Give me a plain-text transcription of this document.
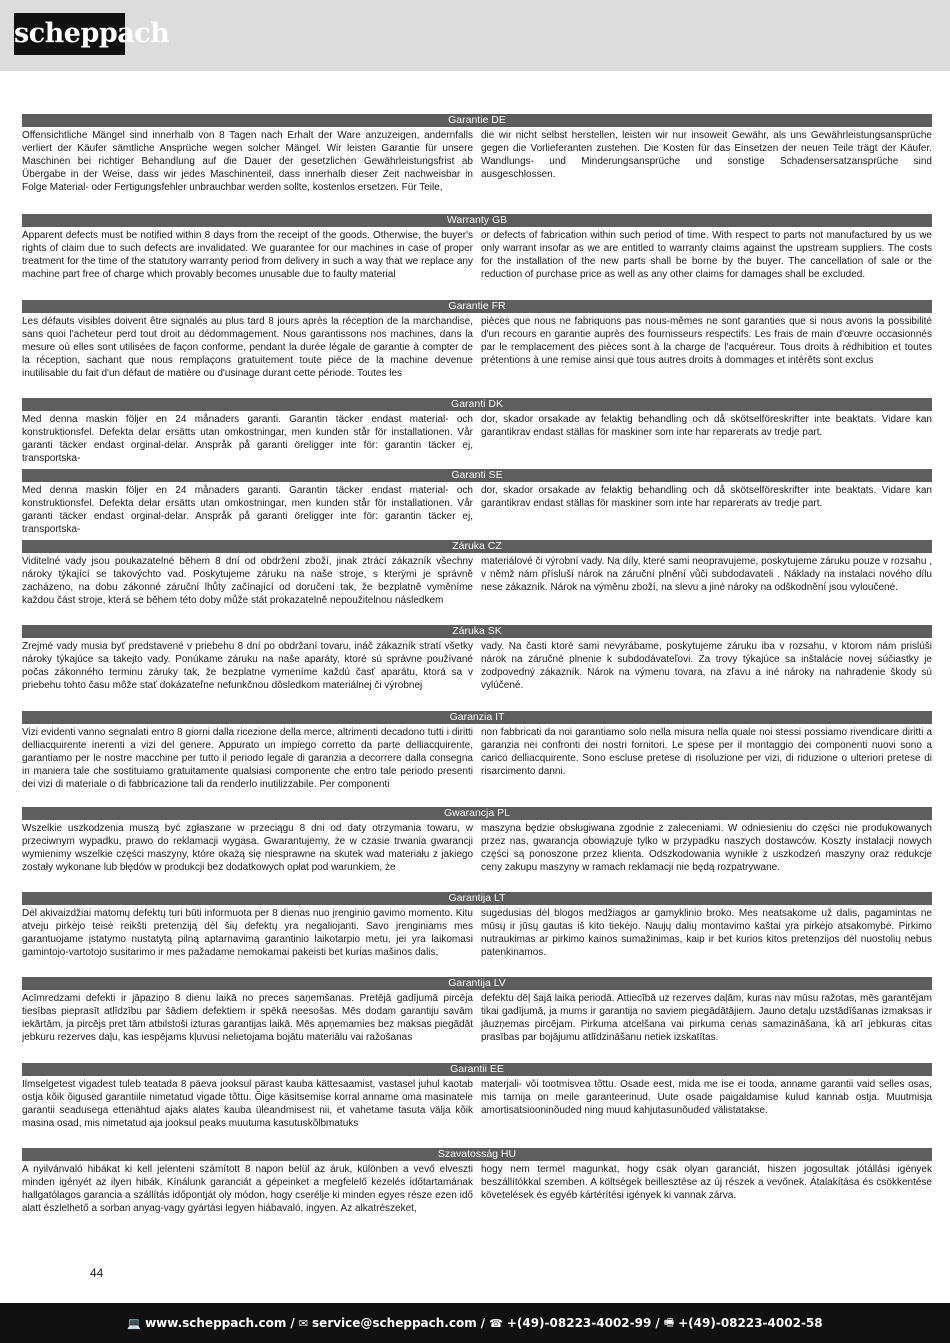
scheppach
Garantie DE
Offensichtliche Mängel sind innerhalb von 8 Tagen nach Erhalt der Ware anzuzeigen, andernfalls verliert der Käufer sämtliche Ansprüche wegen solcher Mängel. Wir leisten Garantie für unsere Maschinen bei richtiger Behandlung auf die Dauer der gesetzlichen Gewährleistungsfrist ab Übergabe in der Weise, dass wir jedes Maschinenteil, dass innerhalb dieser Zeit nachweisbar in Folge Material- oder Fertigungsfehler unbrauchbar werden sollte, kostenlos ersetzen. Für Teile,
die wir nicht selbst herstellen, leisten wir nur insoweit Gewähr, als uns Gewährleistungsansprüche gegen die Vorlieferanten zustehen. Die Kosten für das Einsetzen der neuen Teile trägt der Käufer. Wandlungs- und Minderungsansprüche und sonstige Schadensersatzansprüche sind ausgeschlossen.
Warranty GB
Apparent defects must be notified within 8 days from the receipt of the goods. Otherwise, the buyer's rights of claim due to such defects are invalidated. We guarantee for our machines in case of proper treatment for the time of the statutory warranty period from delivery in such a way that we replace any machine part free of charge which provably becomes unusable due to faulty material
or defects of fabrication within such period of time. With respect to parts not manufactured by us we only warrant insofar as we are entitled to warranty claims against the upstream suppliers. The costs for the installation of the new parts shall be borne by the buyer. The cancellation of sale or the reduction of purchase price as well as any other claims for damages shall be excluded.
Garantie FR
Les défauts visibles doivent être signalés au plus tard 8 jours après la réception de la marchandise, sans quoi l'acheteur perd tout droit au dédommagement. Nous garantissons nos machines, dans la mesure où elles sont utilisées de façon conforme, pendant la durée légale de garantie à compter de la réception, sachant que nous remplaçons gratuitement toute pièce de la machine devenue inutilisable du fait d'un défaut de matière ou d'usinage durant cette période. Toutes les
pièces que nous ne fabriquons pas nous-mêmes ne sont garanties que si nous avons la possibilité d'un recours en garantie auprès des fournisseurs respectifs. Les frais de main d'œuvre occasionnés par le remplacement des pièces sont à la charge de l'acquéreur. Tous droits à rédhibition et toutes prétentions à une remise ainsi que tous autres droits à dommages et intérêts sont exclus
Garanti DK
Med denna maskin följer en 24 månaders garanti. Garantin täcker endast material- och konstruktionsfel. Defekta delar ersätts utan omkostningar, men kunden står för installationen. Vår garanti täcker endast orginal-delar. Anspråk på garanti öreligger inte för: garantin täcker ej, transportska-
dor, skador orsakade av felaktig behandling och då skötselföreskrifter inte beaktats. Vidare kan garantikrav endast ställas för maskiner som inte har reparerats av tredje part.
Garanti SE
Med denna maskin följer en 24 månaders garanti. Garantin täcker endast material- och konstruktionsfel. Defekta delar ersätts utan omkostningar, men kunden står för installationen. Vår garanti täcker endast orginal-delar. Anspråk på garanti öreligger inte för: garantin täcker ej, transportska-
dor, skador orsakade av felaktig behandling och då skötselföreskrifter inte beaktats. Vidare kan garantikrav endast ställas för maskiner som inte har reparerats av tredje part.
Záruka CZ
Viditelné vady jsou poukazatelné během 8 dní od obdržení zboží, jinak ztrácí zákazník všechny nároky týkající se takovýchto vad. Poskytujeme záruku na naše stroje, s kterými je správně zacházeno, na dobu zákonné záruční lhůty začínající od doručení tak, že bezplatně vyměníme každou část stroje, která se během této doby může stát prokazatelně nepoužitelnou následkem
materiálové či výrobní vady. Na díly, které sami neopravujeme, poskytujeme záruku pouze v rozsahu , v němž nám přísluší nárok na záruční plnění vůči subdodavateli . Náklady na instalaci nového dílu nese zákazník. Nárok na výměnu zboží, na slevu a jiné nároky na odškodnění jsou vyloučené.
Záruka SK
Zrejmé vady musia byť predstavené v priebehu 8 dní po obdržaní tovaru, ináč zákazník stratí všetky nároky týkajúce sa takejto vady. Ponúkame záruku na naše aparáty, ktoré sú správne používané počas zákonného terminu záruky tak, že bezplatne vymeníme každú časť aparátu, ktorá sa v priebehu tohto času môže stať dokázateľne nefunkčnou dôsledkom materiálnej či výrobnej
vady. Na časti ktoré sami nevyrábame, poskytujeme záruku iba v rozsahu, v ktorom nám prislúši nárok na záručné plnenie k subdodávateľovi. Za trovy týkajúce sa inštalácie novej súčiastky je zodpovedný zákazník. Nárok na výmenu tovara, na zľavu a iné nároky na nahradenie škody sú vylúčené.
Garanzia IT
Vizi evidenti vanno segnalati entro 8 giorni dalla ricezione della merce, altrimenti decadono tutti i diritti delliacquirente inerenti a vizi del genere. Appurato un impiego corretto da parte delliacquirente, garantiamo per le nostre macchine per tutto il periodo legale di garanzia a decorrere dalla consegna in maniera tale che sostituiamo gratuitamente qualsiasi componente che entro tale periodo presenti dei vizi di materiale o di fabbricazione tali da renderlo inutilizzabile. Per componenti
non fabbricati da noi garantiamo solo nella misura nella quale noi stessi possiamo rivendicare diritti a garanzia nei confronti dei nostri fornitori. Le spese per il montaggio dei componenti nuovi sono a carico delliacquirente. Sono escluse pretese di risoluzione per vizi, di riduzione o ulteriori pretese di risarcimento danni.
Gwarancja PL
Wszelkie uszkodzenia muszą być zgłaszane w przeciągu 8 dni od daty otrzymania towaru, w przeciwnym wypadku, prawo do reklamacji wygasa. Gwarantujemy, że w czasie trwania gwarancji wymienimy wszelkie części maszyny, które okażą się niesprawne na skutek wad materiału z jakiego zostały wykonane lub błędów w produkcji bez dodatkowych opłat pod warunkiem, że
maszyna będzie obsługiwana zgodnie z zaleceniami. W odniesieniu do części nie produkowanych przez nas, gwarancja obowiązuje tylko w przypadku naszych dostawców. Koszty instalacji nowych części są ponoszone przez klienta. Odszkodowania wynikłe z uszkodzeń maszyny oraz redukcje ceny zakupu maszyny w ramach reklamacji nie będą rozpatrywane.
Garantija LT
Dėl akivaizdžiai matomų defektų turi būti informuota per 8 dienas nuo įrenginio gavimo momento. Kitu atveju pirkėjo teisė reikšti pretenziją dėl šių defektų yra negaliojanti. Savo įrenginiams mes garantuojame įstatymo nustatytą pilną aptarnavimą garantinio laikotarpio metu, jei yra laikomasi gamintojo-vartotojo susitarimo ir mes pažadame nemokamai pakeisti bet kurias mašinos dalis,
sugedusias dėl blogos medžiagos ar gamyklinio broko. Mes neatsakome už dalis, pagamintas ne mūsų ir jūsų gautas iš kito tiekėjo. Naujų dalių montavimo kaštai yra pirkėjo atsakomybė. Pirkimo nutraukimas ar pirkimo kainos sumažinimas, kaip ir bet kurios kitos pretenzijos dėl nuostolių nebus patenkinamos.
Garantija LV
Acīmredzami defekti ir jāpaziņo 8 dienu laikā no preces saņemšanas. Pretējā gadījumā pircēja tiesības pieprasīt atlīdzību par šādiem defektiem ir spēkā neesošas. Mēs dodam garantiju savām iekārtām, ja pircējs pret tām atbilstoši izturas garantijas laikā. Mēs apņemamies bez maksas piegādāt jebkuru rezerves daļu, kas iespējams kļuvusi nelietojama bojātu materiālu vai ražošanas
defektu dēļ šajā laika periodā. Attiecībā uz rezerves daļām, kuras nav mūsu ražotas, mēs garantējam tikai gadījumā, ja mums ir garantija no saviem piegādātājiem. Jauno detaļu uzstādīšanas izmaksas ir jāuzņemas pircējam. Pirkuma atcelšana vai pirkuma cenas samazināšana, kā arī jebkuras citas prasības par bojājumu atlīdzināšanu netiek izskatītas.
Garantii EE
Ilmselgetest vigadest tuleb teatada 8 päeva jooksul pärast kauba kättesaamist, vastasel juhul kaotab ostja kõik õigused garantiile nimetatud vigade tõttu. Õige käsitsemise korral anname oma masinatele garantii seadusega ettenähtud ajaks alates kauba üleandmisest nii, et vahetame tasuta välja kõik masina osad, mis nimetatud aja jooksul peaks muutuma kasutuskõlbmatuks
materjali- või tootmisvea tõttu. Osade eest, mida me ise ei tooda, anname garantii vaid selles osas, mis tarnija on meile garanteerinud. Uute osade paigaldamise kulud kannab ostja. Muutmisja amortisatsiooninõuded ning muud kahjutasunõuded välistatakse.
Szavatosság HU
A nyilvánvaló hibákat ki kell jelenteni számított 8 napon belül az áruk, különben a vevő elveszti minden igényét az ilyen hibák. Kínálunk garanciát a gépeinket a megfelelő kezelés időtartamának hallgatólagos garancia a szállítás időpontját oly módon, hogy cserélje ki minden egyes része ezen idő alatt észlelhető a sorban anyag-vagy gyártási legyen hiábavaló, ingyen. Az alkatrészeket,
hogy nem termel magunkat, hogy csak olyan garanciát, hiszen jogosultak jótállási igények beszállítókkal szemben. A költségek beillesztése az új részek a vevőnek. Átalakítása és csökkentése követelések és egyéb kártérítési igények ki vannak zárva.
44
💻 www.scheppach.com / ✉ service@scheppach.com / ☎ +(49)-08223-4002-99 / 🖷 +(49)-08223-4002-58
